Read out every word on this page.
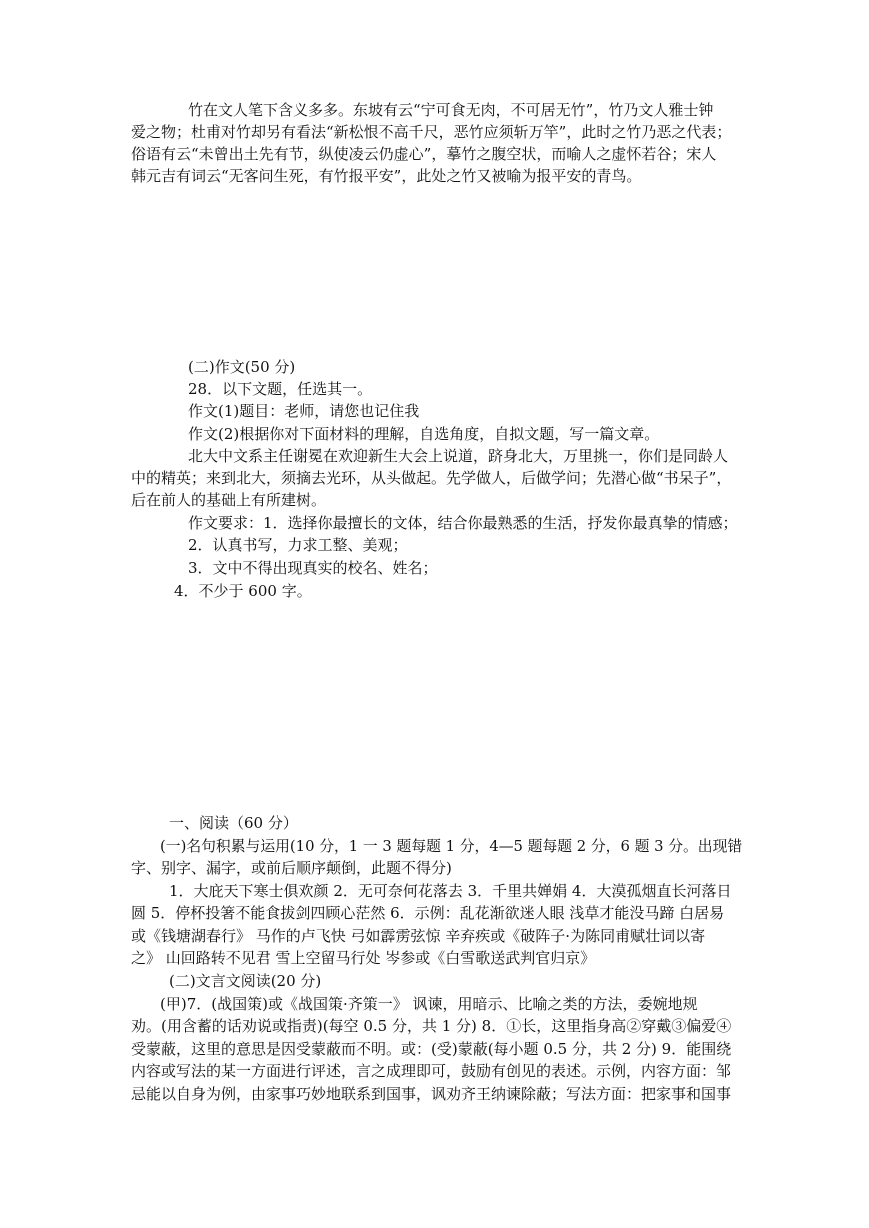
竹在文人笔下含义多多。东坡有云“宁可食无肉，不可居无竹”，竹乃文人雅士钟
爱之物；杜甫对竹却另有看法“新松恨不高千尺，恶竹应须斩万竿”，此时之竹乃恶之代表；
俗语有云“未曾出土先有节，纵使凌云仍虚心”，摹竹之腹空状，而喻人之虚怀若谷；宋人
韩元吉有词云“无客问生死，有竹报平安”，此处之竹又被喻为报平安的青鸟。
(二)作文(50 分)
28．以下文题，任选其一。
作文(1)题目：老师，请您也记住我
作文(2)根据你对下面材料的理解，自选角度，自拟文题，写一篇文章。
北大中文系主任谢冕在欢迎新生大会上说道，跻身北大，万里挑一，你们是同龄人
中的精英；来到北大，须摘去光环，从头做起。先学做人，后做学问；先潜心做“书呆子”，
后在前人的基础上有所建树。
作文要求：1．选择你最擅长的文体，结合你最熟悉的生活，抒发你最真挚的情感；
2．认真书写，力求工整、美观；
3．文中不得出现真实的校名、姓名；
4．不少于 600 字。
一、阅读（60 分）
(一)名句积累与运用(10 分，1 一 3 题每题 1 分，4—5 题每题 2 分，6 题 3 分。出现错
字、别字、漏字，或前后顺序颠倒，此题不得分)
1．大庇天下寒士俱欢颜 2．无可奈何花落去 3．千里共婵娟 4．大漠孤烟直长河落日
圆 5．停杯投箸不能食拔剑四顾心茫然 6．示例：乱花渐欲迷人眼 浅草才能没马蹄 白居易
或《钱塘湖春行》 马作的卢飞快 弓如霹雳弦惊 辛弃疾或《破阵子·为陈同甫赋壮词以寄
之》 山回路转不见君 雪上空留马行处 岑参或《白雪歌送武判官归京》
(二)文言文阅读(20 分)
(甲)7．(战国策)或《战国策·齐策一》 讽谏，用暗示、比喻之类的方法，委婉地规
劝。(用含蓄的话劝说或指责)(每空 0.5 分，共 1 分) 8．①长，这里指身高②穿戴③偏爱④
受蒙蔽，这里的意思是因受蒙蔽而不明。或：(受)蒙蔽(每小题 0.5 分，共 2 分) 9．能围绕
内容或写法的某一方面进行评述，言之成理即可，鼓励有创见的表述。示例，内容方面：邹
忌能以自身为例，由家事巧妙地联系到国事，讽劝齐王纳谏除蔽；写法方面：把家事和国事
